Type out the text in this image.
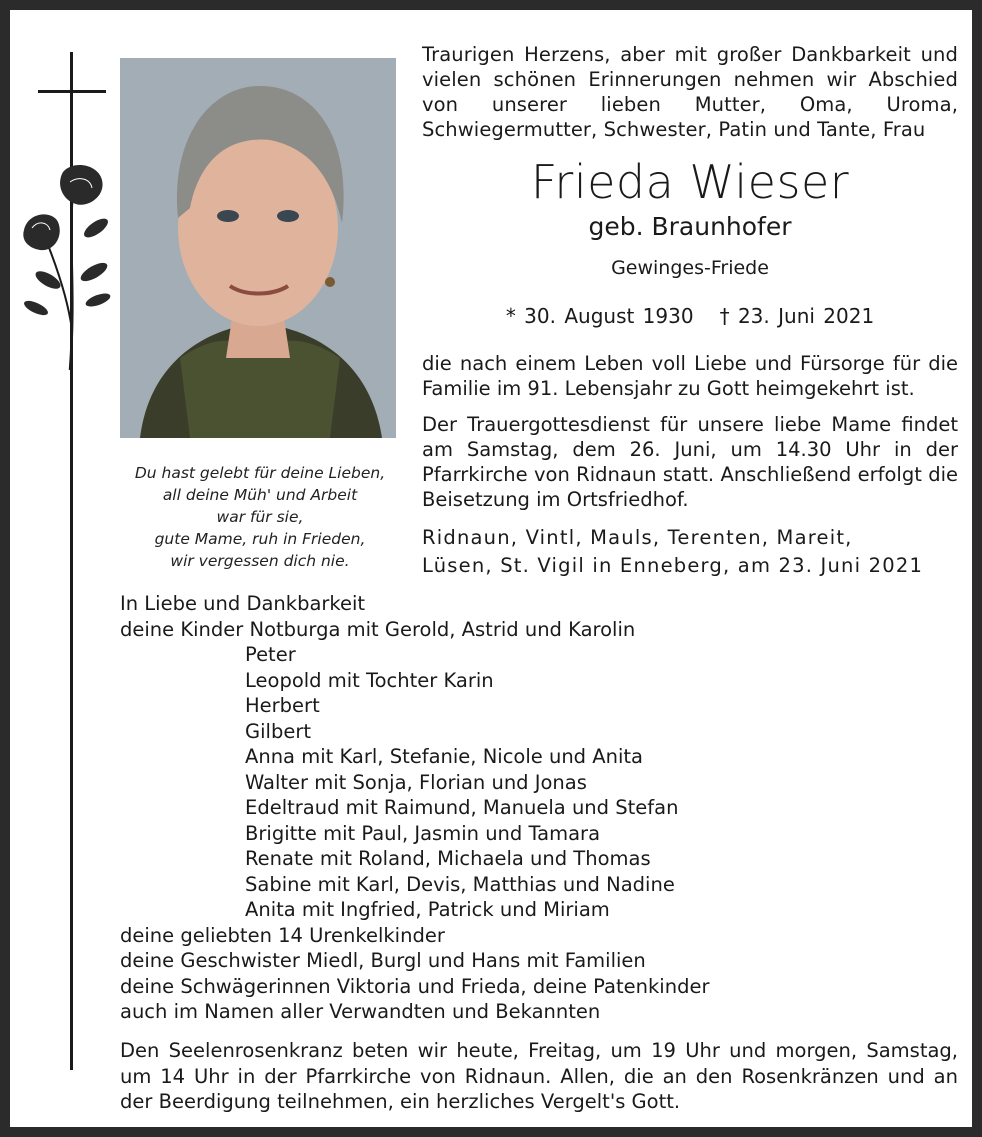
Du hast gelebt für deine Lieben,
all deine Müh' und Arbeit
war für sie,
gute Mame, ruh in Frieden,
wir vergessen dich nie.
Traurigen Herzens, aber mit großer Dankbarkeit und vielen schönen Erinnerungen nehmen wir Abschied von unserer lieben Mutter, Oma, Uroma, Schwiegermutter, Schwester, Patin und Tante, Frau
Frieda Wieser
geb. Braunhofer
Gewinges-Friede
* 30. August 1930 † 23. Juni 2021
die nach einem Leben voll Liebe und Fürsorge für die Familie im 91. Lebensjahr zu Gott heimgekehrt ist.
Der Trauergottesdienst für unsere liebe Mame findet am Samstag, dem 26. Juni, um 14.30 Uhr in der Pfarrkirche von Ridnaun statt. Anschließend erfolgt die Beisetzung im Ortsfriedhof.
Ridnaun, Vintl, Mauls, Terenten, Mareit,
Lüsen, St. Vigil in Enneberg, am 23. Juni 2021
In Liebe und Dankbarkeit
deine Kinder Notburga mit Gerold, Astrid und Karolin
Peter
Leopold mit Tochter Karin
Herbert
Gilbert
Anna mit Karl, Stefanie, Nicole und Anita
Walter mit Sonja, Florian und Jonas
Edeltraud mit Raimund, Manuela und Stefan
Brigitte mit Paul, Jasmin und Tamara
Renate mit Roland, Michaela und Thomas
Sabine mit Karl, Devis, Matthias und Nadine
Anita mit Ingfried, Patrick und Miriam
deine geliebten 14 Urenkelkinder
deine Geschwister Miedl, Burgl und Hans mit Familien
deine Schwägerinnen Viktoria und Frieda, deine Patenkinder
auch im Namen aller Verwandten und Bekannten
Den Seelenrosenkranz beten wir heute, Freitag, um 19 Uhr und morgen, Samstag, um 14 Uhr in der Pfarrkirche von Ridnaun. Allen, die an den Rosenkränzen und an der Beerdigung teilnehmen, ein herzliches Vergelt's Gott.
